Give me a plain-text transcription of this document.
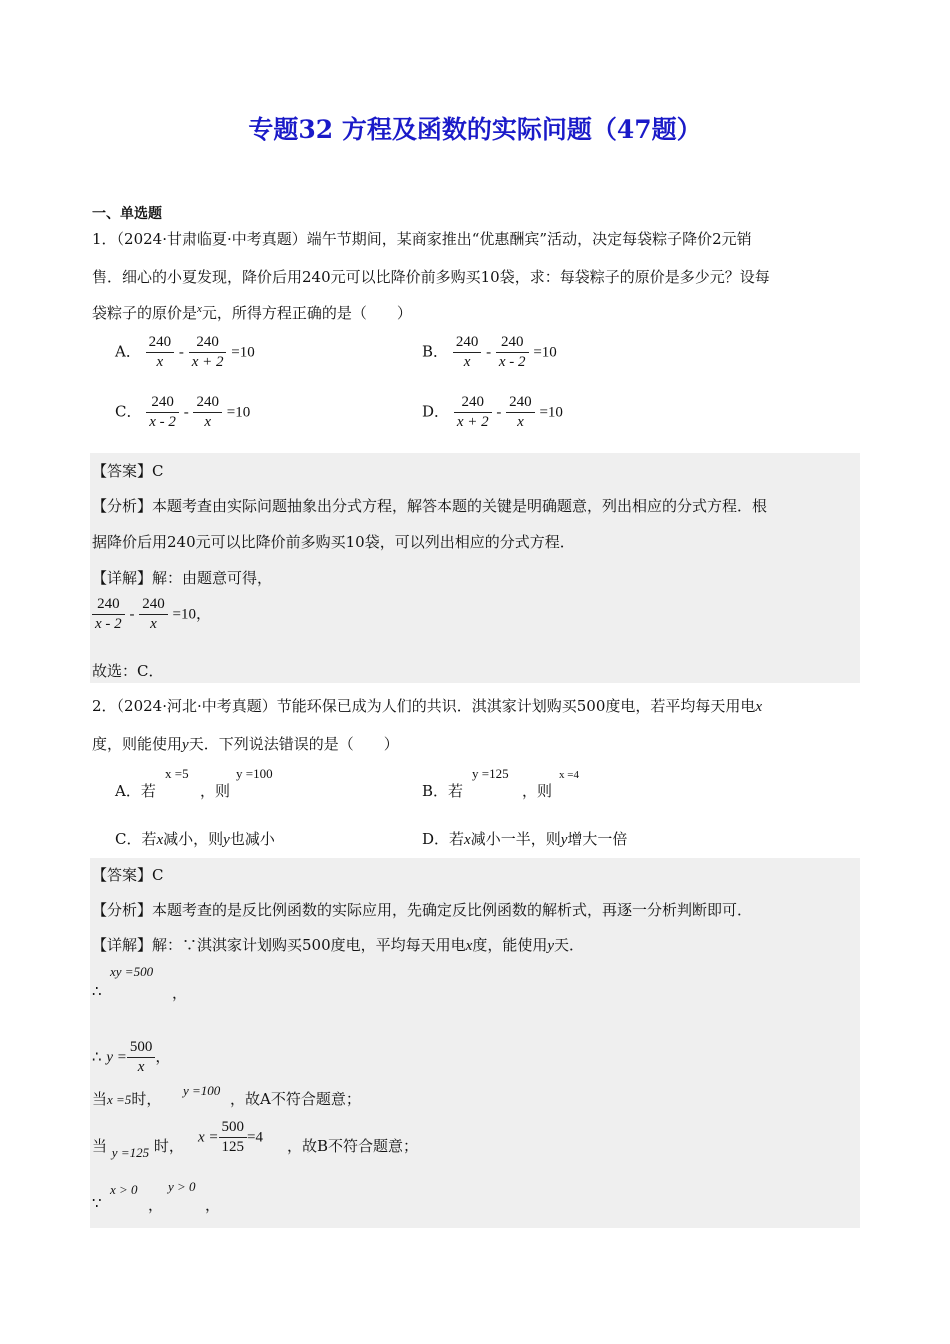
专题32 方程及函数的实际问题（47题）
一、单选题
1．（2024·甘肃临夏·中考真题）端午节期间，某商家推出“优惠酬宾”活动，决定每袋粽子降价2元销
售．细心的小夏发现，降价后用240元可以比降价前多购买10袋，求：每袋粽子的原价是多少元？设每
袋粽子的原价是$^x$元，所得方程正确的是（　　）
A． $\frac{240}{x} - \frac{240}{x + 2} =10$	B． $\frac{240}{x} - \frac{240}{x - 2} =10$
C． $\frac{240}{x - 2} - \frac{240}{x} =10$	D． $\frac{240}{x + 2} - \frac{240}{x} =10$
【答案】C
【分析】本题考查由实际问题抽象出分式方程，解答本题的关键是明确题意，列出相应的分式方程．根
据降价后用240元可以比降价前多购买10袋，可以列出相应的分式方程．
【详解】解：由题意可得，
$\frac{240}{x - 2} - \frac{240}{x} =10$，
故选：C．
2．（2024·河北·中考真题）节能环保已成为人们的共识．淇淇家计划购买500度电，若平均每天用电x
度，则能使用y天．下列说法错误的是（　　）
A．若
x =5
，则
y =100
B．若
y =125
，则
x =4
C．若x减小，则y也减小	D．若x减小一半，则y增大一倍
【答案】C
【分析】本题考查的是反比例函数的实际应用，先确定反比例函数的解析式，再逐一分析判断即可．
【详解】解：∵淇淇家计划购买500度电，平均每天用电x度，能使用y天．
∴
xy =500
，
∴ $y = \frac{500}{x}$ ，
当x =5时， y =100 ，故A不符合题意；
当 y =125 时， $x = \frac{500}{125} =4$ ，故B不符合题意；
∵
x > 0
，
y > 0
，
